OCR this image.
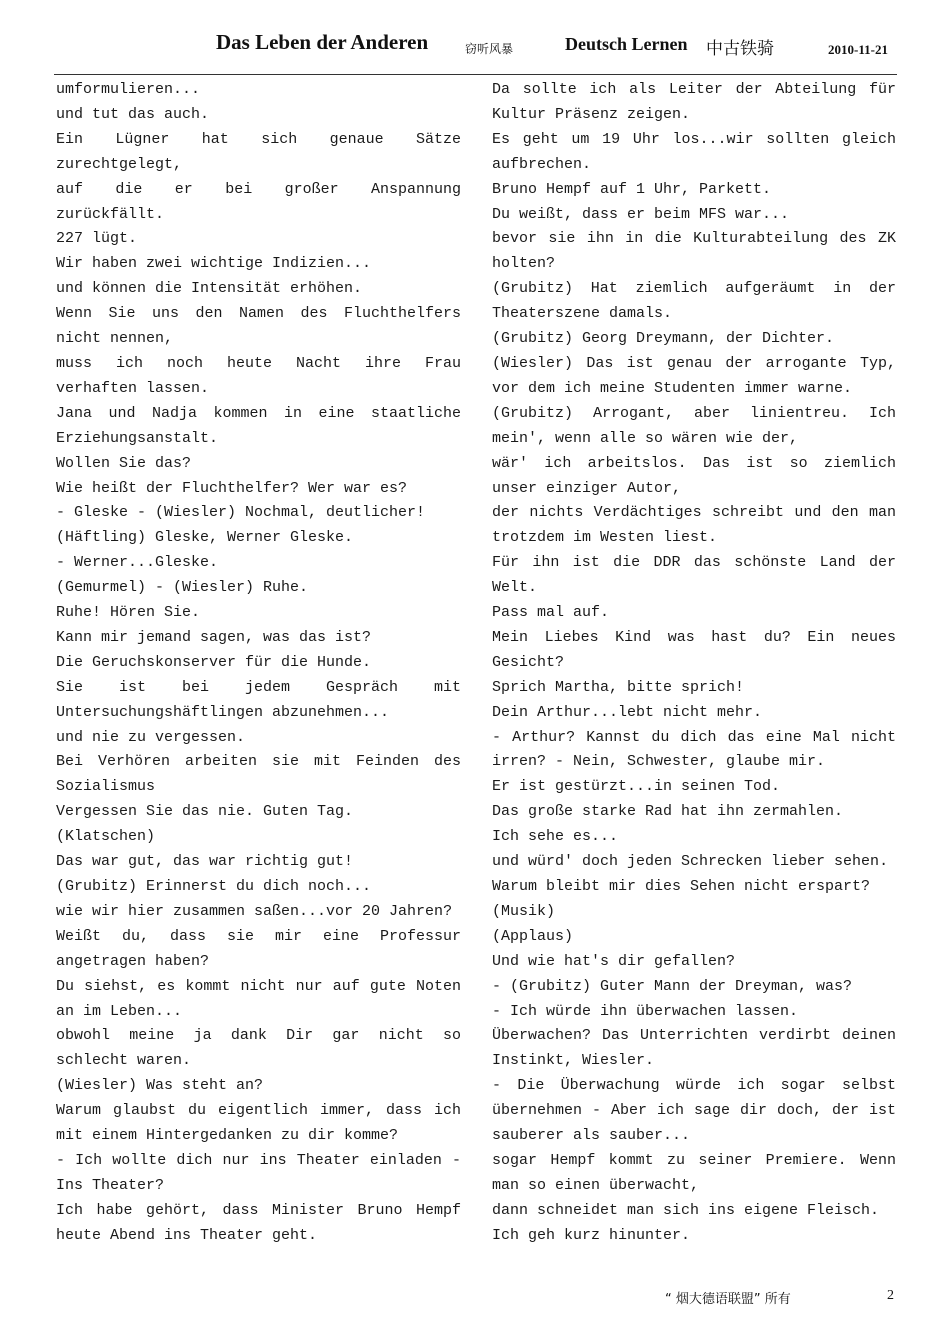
Das Leben der Anderen	窃听风暴	Deutsch Lernen 中古铁骑	2010-11-21
umformulieren...
und tut das auch.
Ein Lügner hat sich genaue Sätze zurechtgelegt,
auf die er bei großer Anspannung zurückfällt.
227 lügt.
Wir haben zwei wichtige Indizien...
und können die Intensität erhöhen.
Wenn Sie uns den Namen des Fluchthelfers nicht nennen,
muss ich noch heute Nacht ihre Frau verhaften lassen.
Jana und Nadja kommen in eine staatliche Erziehungsanstalt.
Wollen Sie das?
Wie heißt der Fluchthelfer? Wer war es?
- Gleske - (Wiesler) Nochmal, deutlicher!
(Häftling) Gleske, Werner Gleske.
- Werner...Gleske.
(Gemurmel) - (Wiesler) Ruhe.
Ruhe! Hören Sie.
Kann mir jemand sagen, was das ist?
Die Geruchskonserver für die Hunde.
Sie ist bei jedem Gespräch mit Untersuchungshäftlingen abzunehmen...
und nie zu vergessen.
Bei Verhören arbeiten sie mit Feinden des Sozialismus
Vergessen Sie das nie. Guten Tag.
(Klatschen)
Das war gut, das war richtig gut!
(Grubitz) Erinnerst du dich noch...
wie wir hier zusammen saßen...vor 20 Jahren?
Weißt du, dass sie mir eine Professur angetragen haben?
Du siehst, es kommt nicht nur auf gute Noten an im Leben...
obwohl meine ja dank Dir gar nicht so schlecht waren.
(Wiesler) Was steht an?
Warum glaubst du eigentlich immer, dass ich mit einem Hintergedanken zu dir komme?
- Ich wollte dich nur ins Theater einladen - Ins Theater?
Ich habe gehört, dass Minister Bruno Hempf heute Abend ins Theater geht.
Da sollte ich als Leiter der Abteilung für Kultur Präsenz zeigen.
Es geht um 19 Uhr los...wir sollten gleich aufbrechen.
Bruno Hempf auf 1 Uhr, Parkett.
Du weißt, dass er beim MFS war...
bevor sie ihn in die Kulturabteilung des ZK holten?
(Grubitz) Hat ziemlich aufgeräumt in der Theaterszene damals.
(Grubitz) Georg Dreymann, der Dichter.
(Wiesler) Das ist genau der arrogante Typ, vor dem ich meine Studenten immer warne.
(Grubitz) Arrogant, aber linientreu. Ich mein', wenn alle so wären wie der,
wär' ich arbeitslos. Das ist so ziemlich unser einziger Autor,
der nichts Verdächtiges schreibt und den man trotzdem im Westen liest.
Für ihn ist die DDR das schönste Land der Welt.
Pass mal auf.
Mein Liebes Kind was hast du? Ein neues Gesicht?
Sprich Martha, bitte sprich!
Dein Arthur...lebt nicht mehr.
- Arthur? Kannst du dich das eine Mal nicht irren? - Nein, Schwester, glaube mir.
Er ist gestürzt...in seinen Tod.
Das große starke Rad hat ihn zermahlen.
Ich sehe es...
und würd' doch jeden Schrecken lieber sehen.
Warum bleibt mir dies Sehen nicht erspart?
(Musik)
(Applaus)
Und wie hat's dir gefallen?
- (Grubitz) Guter Mann der Dreyman, was?
- Ich würde ihn überwachen lassen.
Überwachen? Das Unterrichten verdirbt deinen Instinkt, Wiesler.
- Die Überwachung würde ich sogar selbst übernehmen - Aber ich sage dir doch, der ist sauberer als sauber...
sogar Hempf kommt zu seiner Premiere. Wenn man so einen überwacht,
dann schneidet man sich ins eigene Fleisch.
Ich geh kurz hinunter.
“ 烟大德语联盟” 所有	2
